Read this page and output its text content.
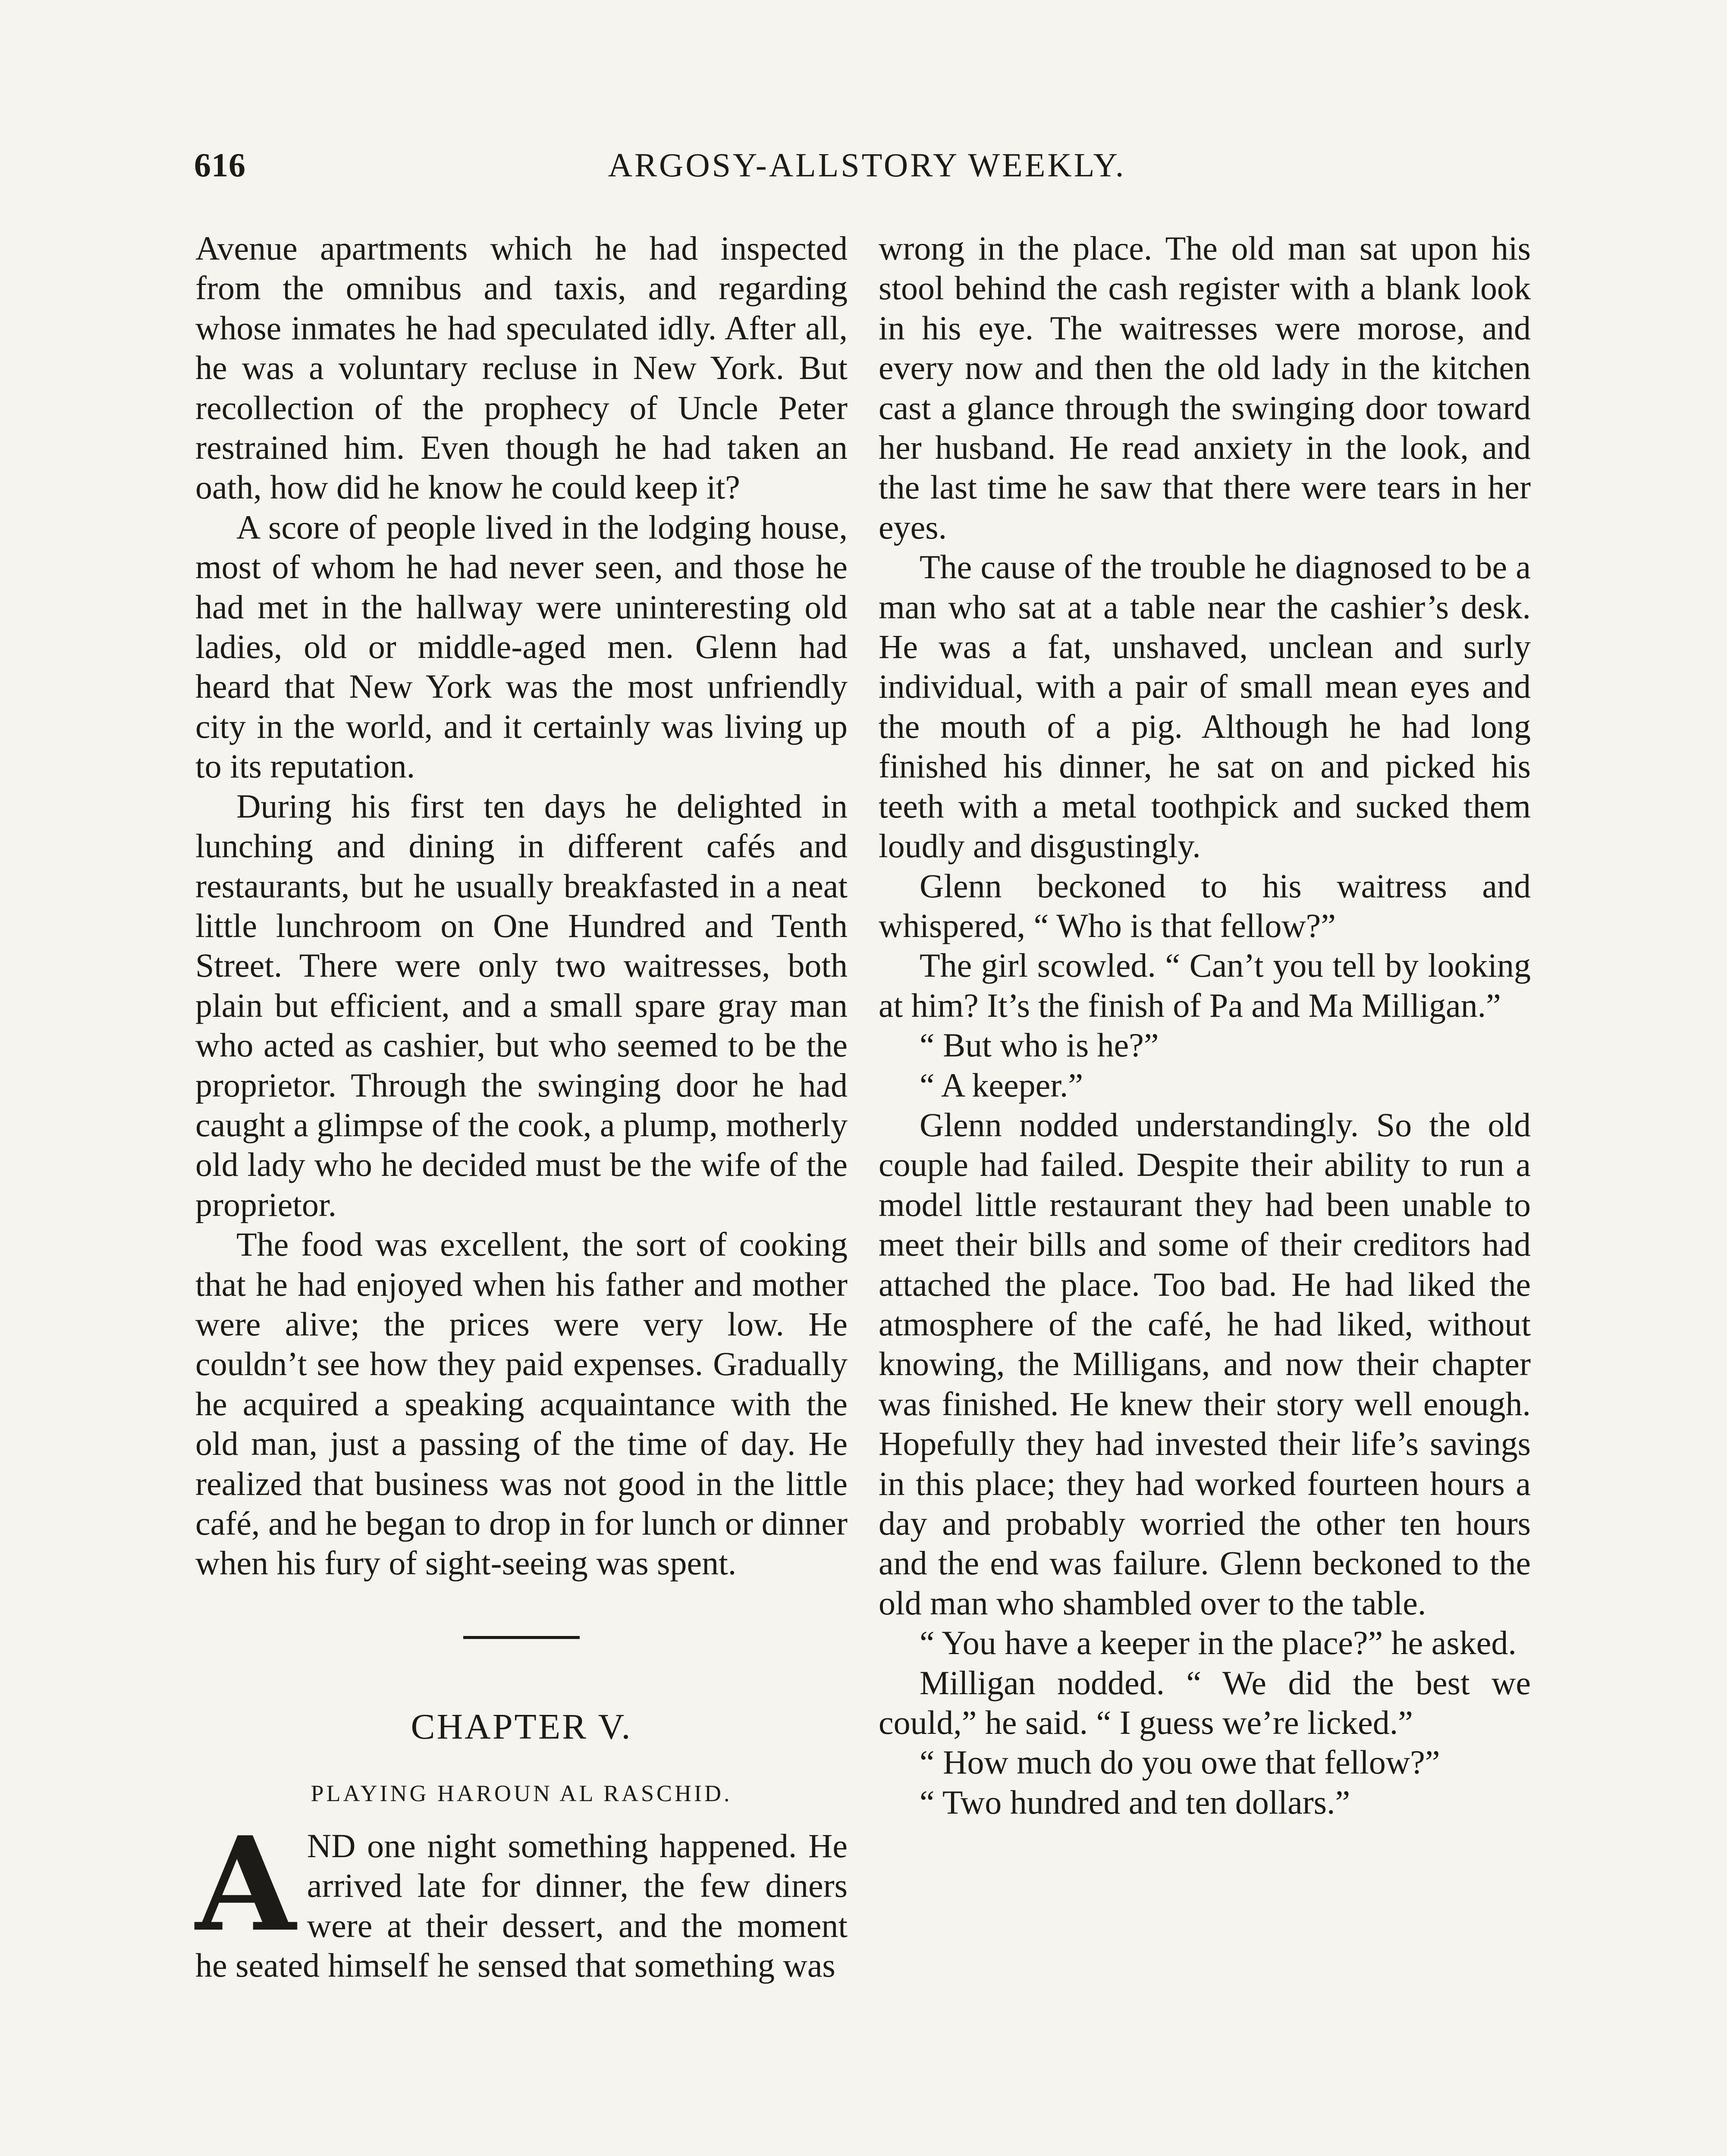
616	ARGOSY-ALLSTORY WEEKLY.

Avenue apartments which he had inspected from the omnibus and taxis, and regarding whose inmates he had speculated idly. After all, he was a voluntary recluse in New York. But recollection of the prophecy of Uncle Peter restrained him. Even though he had taken an oath, how did he know he could keep it?

A score of people lived in the lodging house, most of whom he had never seen, and those he had met in the hallway were uninteresting old ladies, old or middle-aged men. Glenn had heard that New York was the most unfriendly city in the world, and it certainly was living up to its reputation.

During his first ten days he delighted in lunching and dining in different cafés and restaurants, but he usually breakfasted in a neat little lunchroom on One Hundred and Tenth Street. There were only two waitresses, both plain but efficient, and a small spare gray man who acted as cashier, but who seemed to be the proprietor. Through the swinging door he had caught a glimpse of the cook, a plump, motherly old lady who he decided must be the wife of the proprietor.

The food was excellent, the sort of cooking that he had enjoyed when his father and mother were alive; the prices were very low. He couldn’t see how they paid expenses. Gradually he acquired a speaking acquaintance with the old man, just a passing of the time of day. He realized that business was not good in the little café, and he began to drop in for lunch or dinner when his fury of sight-seeing was spent.

CHAPTER V.
PLAYING HAROUN AL RASCHID.

AND one night something happened. He arrived late for dinner, the few diners were at their dessert, and the moment he seated himself he sensed that something was

wrong in the place. The old man sat upon his stool behind the cash register with a blank look in his eye. The waitresses were morose, and every now and then the old lady in the kitchen cast a glance through the swinging door toward her husband. He read anxiety in the look, and the last time he saw that there were tears in her eyes.

The cause of the trouble he diagnosed to be a man who sat at a table near the cashier’s desk. He was a fat, unshaved, unclean and surly individual, with a pair of small mean eyes and the mouth of a pig. Although he had long finished his dinner, he sat on and picked his teeth with a metal toothpick and sucked them loudly and disgustingly.

Glenn beckoned to his waitress and whispered, “ Who is that fellow?”

The girl scowled. “ Can’t you tell by looking at him? It’s the finish of Pa and Ma Milligan.”

“ But who is he?”

“ A keeper.”

Glenn nodded understandingly. So the old couple had failed. Despite their ability to run a model little restaurant they had been unable to meet their bills and some of their creditors had attached the place. Too bad. He had liked the atmosphere of the café, he had liked, without knowing, the Milligans, and now their chapter was finished. He knew their story well enough. Hopefully they had invested their life’s savings in this place; they had worked fourteen hours a day and probably worried the other ten hours and the end was failure. Glenn beckoned to the old man who shambled over to the table.

“ You have a keeper in the place?” he asked.

Milligan nodded. “ We did the best we could,” he said. “ I guess we’re licked.”

“ How much do you owe that fellow?”

“ Two hundred and ten dollars.”
